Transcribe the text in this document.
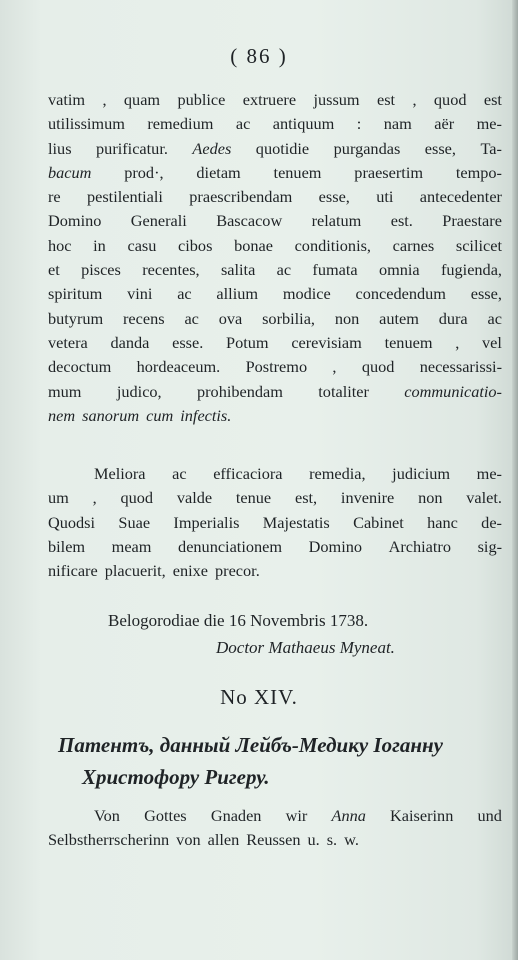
( 86 )
vatim , quam publice extruere jussum est , quod est
utilissimum remedium ac antiquum : nam aër me-
lius purificatur. Aedes quotidie purgandas esse, Ta-
bacum prod·, dietam tenuem praesertim tempo-
re pestilentiali praescribendam esse, uti antecedenter
Domino Generali Bascacow relatum est. Praestare
hoc in casu cibos bonae conditionis, carnes scilicet
et pisces recentes, salita ac fumata omnia fugienda,
spiritum vini ac allium modice concedendum esse,
butyrum recens ac ova sorbilia, non autem dura ac
vetera danda esse. Potum cerevisiam tenuem , vel
decoctum hordeaceum. Postremo , quod necessarissi-
mum judico, prohibendam totaliter communicatio-
nem sanorum cum infectis.
Meliora ac efficaciora remedia, judicium me-
um , quod valde tenue est, invenire non valet.
Quodsi Suae Imperialis Majestatis Cabinet hanc de-
bilem meam denunciationem Domino Archiatro sig-
nificare placuerit, enixe precor.
Belogorodiae die 16 Novembris 1738.
Doctor Mathaeus Myneat.
No XIV.
Патентъ, данный Лейбъ-Медику Іоганну
Христофору Ригеру.
Von Gottes Gnaden wir Anna Kaiserinn und
Selbstherrscherinn von allen Reussen u. s. w.
